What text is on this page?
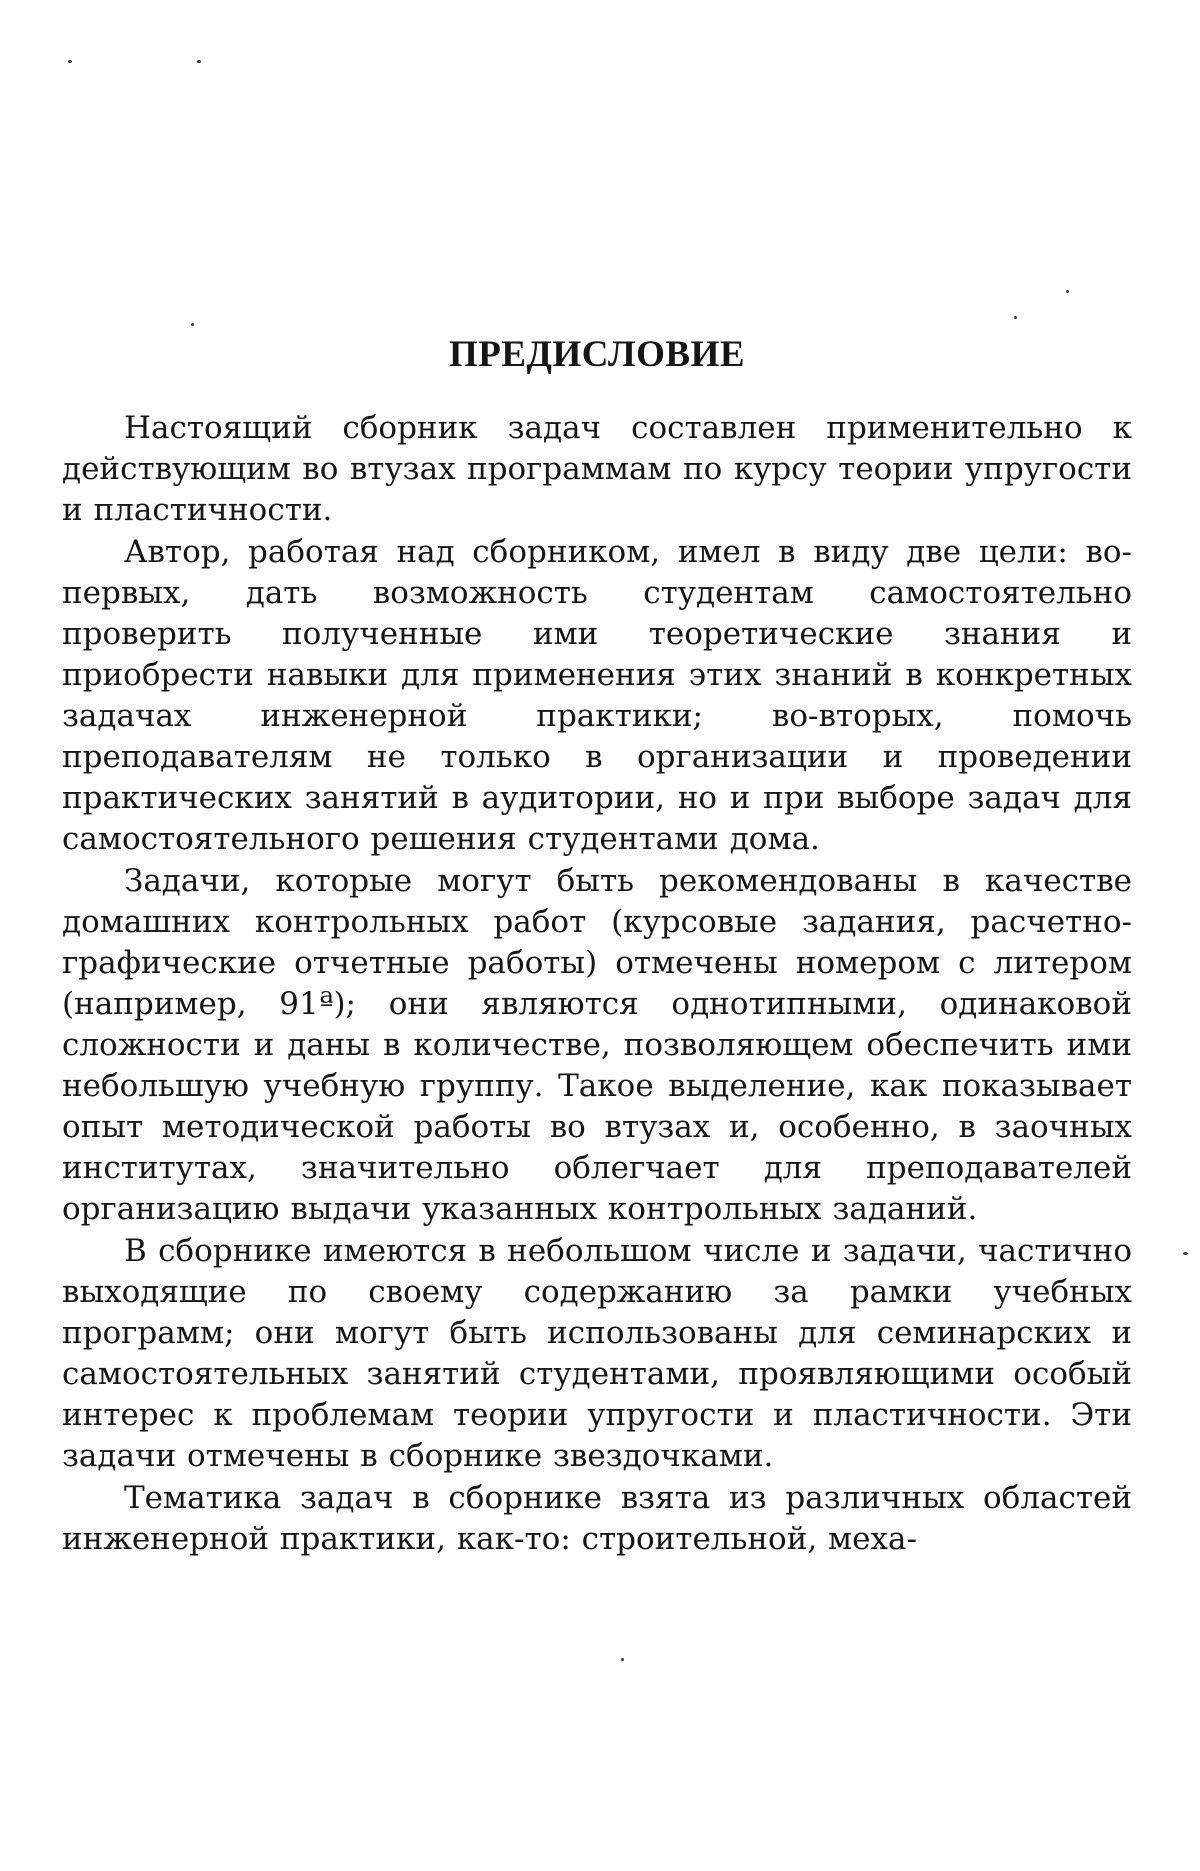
ПРЕДИСЛОВИЕ

Настоящий сборник задач составлен применительно к действующим во втузах программам по курсу теории упругости и пластичности.

Автор, работая над сборником, имел в виду две цели: во-первых, дать возможность студентам самостоятельно проверить полученные ими теоретические знания и приобрести навыки для применения этих знаний в конкретных задачах инженерной практики; во-вторых, помочь преподавателям не только в организации и проведении практических занятий в аудитории, но и при выборе задач для самостоятельного решения студентами дома.

Задачи, которые могут быть рекомендованы в качестве домашних контрольных работ (курсовые задания, расчетно-графические отчетные работы) отмечены номером с литером (например, 91ª); они являются однотипными, одинаковой сложности и даны в количестве, позволяющем обеспечить ими небольшую учебную группу. Такое выделение, как показывает опыт методической работы во втузах и, особенно, в заочных институтах, значительно облегчает для преподавателей организацию выдачи указанных контрольных заданий.

В сборнике имеются в небольшом числе и задачи, частично выходящие по своему содержанию за рамки учебных программ; они могут быть использованы для семинарских и самостоятельных занятий студентами, проявляющими особый интерес к проблемам теории упругости и пластичности. Эти задачи отмечены в сборнике звездочками.

Тематика задач в сборнике взята из различных областей инженерной практики, как-то: строительной, меха-
